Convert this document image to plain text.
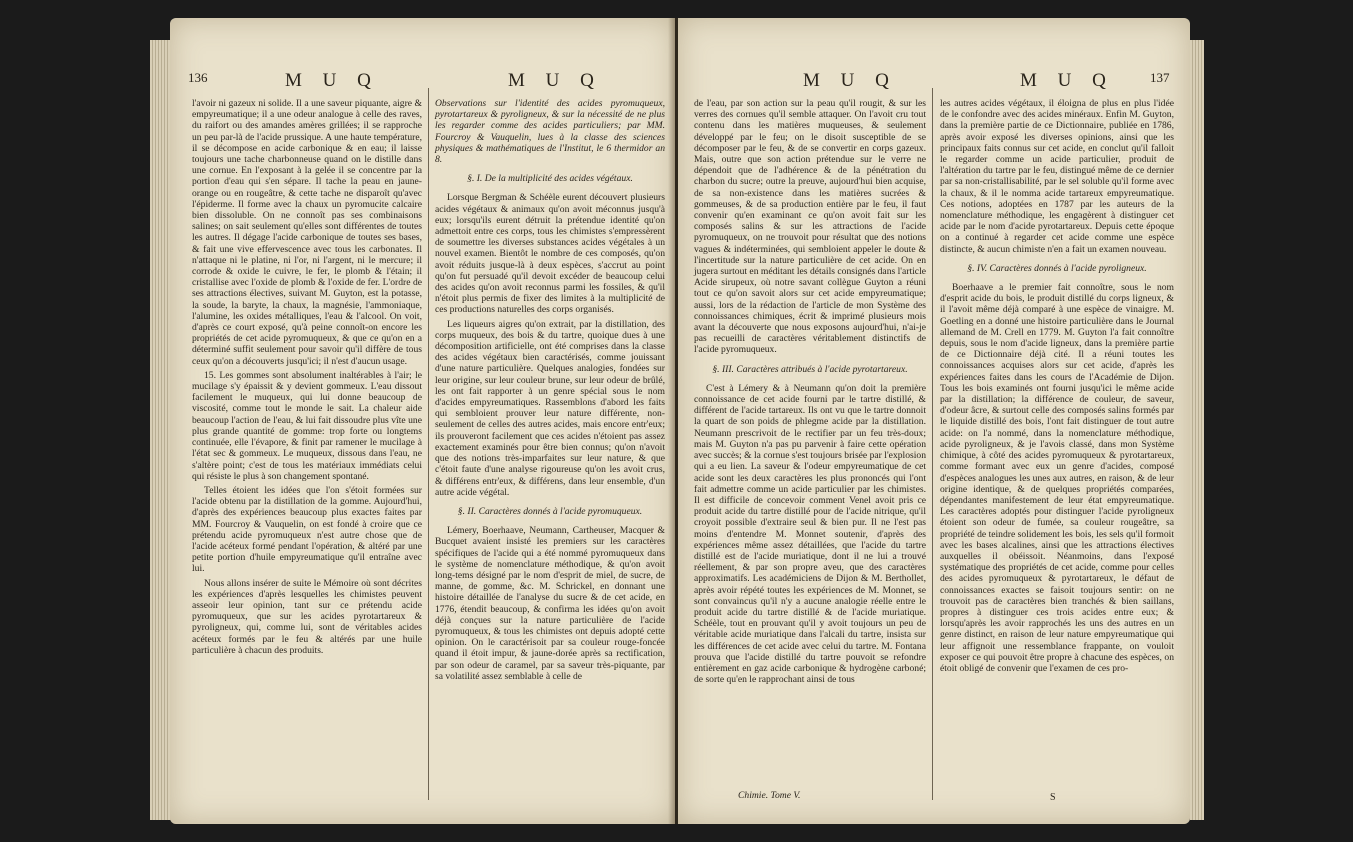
136	M U Q	M U Q

l'avoir ni gazeux ni solide. Il a une saveur piquante, aigre & empyreumatique; il a une odeur analogue à celle des raves, du raifort ou des amandes amères grillées; il se rapproche un peu par-là de l'acide prussique. A une haute température, il se décompose en acide carbonique & en eau; il laisse toujours une tache charbonneuse quand on le distille dans une cornue. En l'exposant à la gelée il se concentre par la portion d'eau qui s'en sépare. Il tache la peau en jaune-orange ou en rougeâtre, & cette tache ne disparoît qu'avec l'épiderme. Il forme avec la chaux un pyromucite calcaire bien dissoluble. On ne connoît pas ses combinaisons salines; on sait seulement qu'elles sont différentes de toutes les autres. Il dégage l'acide carbonique de toutes ses bases, & fait une vive effervescence avec tous les carbonates. Il n'attaque ni le platine, ni l'or, ni l'argent, ni le mercure; il corrode & oxide le cuivre, le fer, le plomb & l'étain; il cristallise avec l'oxide de plomb & l'oxide de fer. L'ordre de ses attractions électives, suivant M. Guyton, est la potasse, la soude, la baryte, la chaux, la magnésie, l'ammoniaque, l'alumine, les oxides métalliques, l'eau & l'alcool. On voit, d'après ce court exposé, qu'à peine connoît-on encore les propriétés de cet acide pyromuqueux, & que ce qu'on en a déterminé suffit seulement pour savoir qu'il diffère de tous ceux qu'on a découverts jusqu'ici; il n'est d'aucun usage.

15. Les gommes sont absolument inaltérables à l'air; le mucilage s'y épaissit & y devient gommeux. L'eau dissout facilement le muqueux, qui lui donne beaucoup de viscosité, comme tout le monde le sait. La chaleur aide beaucoup l'action de l'eau, & lui fait dissoudre plus vîte une plus grande quantité de gomme: trop forte ou longtems continuée, elle l'évapore, & finit par ramener le mucilage à l'état sec & gommeux. Le muqueux, dissous dans l'eau, ne s'altère point; c'est de tous les matériaux immédiats celui qui résiste le plus à son changement spontané.

Telles étoient les idées que l'on s'étoit formées sur l'acide obtenu par la distillation de la gomme. Aujourd'hui, d'après des expériences beaucoup plus exactes faites par MM. Fourcroy & Vauquelin, on est fondé à croire que ce prétendu acide pyromuqueux n'est autre chose que de l'acide acéteux formé pendant l'opération, & altéré par une petite portion d'huile empyreumatique qu'il entraîne avec lui.

Nous allons insérer de suite le Mémoire où sont décrites les expériences d'après lesquelles les chimistes peuvent asseoir leur opinion, tant sur ce prétendu acide pyromuqueux, que sur les acides pyrotartareux & pyroligneux, qui, comme lui, sont de véritables acides acéteux formés par le feu & altérés par une huile particulière à chacun des produits.

Observations sur l'identité des acides pyromuqueux, pyrotartareux & pyroligneux, & sur la nécessité de ne plus les regarder comme des acides particuliers; par MM. Fourcroy & Vauquelin, lues à la classe des sciences physiques & mathématiques de l'Institut, le 6 thermidor an 8.

§. I. De la multiplicité des acides végétaux.

Lorsque Bergman & Schéèle eurent découvert plusieurs acides végétaux & animaux qu'on avoit méconnus jusqu'à eux; lorsqu'ils eurent détruit la prétendue identité qu'on admettoit entre ces corps, tous les chimistes s'empressèrent de soumettre les diverses substances acides végétales à un nouvel examen. Bientôt le nombre de ces composés, qu'on avoit réduits jusque-là à deux espèces, s'accrut au point qu'on fut persuadé qu'il devoit excéder de beaucoup celui des acides qu'on avoit reconnus parmi les fossiles, & qu'il n'étoit plus permis de fixer des limites à la multiplicité de ces productions naturelles des corps organisés.

Les liqueurs aigres qu'on extrait, par la distillation, des corps muqueux, des bois & du tartre, quoique dues à une décomposition artificielle, ont été comprises dans la classe des acides végétaux bien caractérisés, comme jouissant d'une nature particulière. Quelques analogies, fondées sur leur origine, sur leur couleur brune, sur leur odeur de brûlé, les ont fait rapporter à un genre spécial sous le nom d'acides empyreumatiques. Rassemblons d'abord les faits qui sembloient prouver leur nature différente, non-seulement de celles des autres acides, mais encore entr'eux; ils prouveront facilement que ces acides n'étoient pas assez exactement examinés pour être bien connus; qu'on n'avoit que des notions très-imparfaites sur leur nature, & que c'étoit faute d'une analyse rigoureuse qu'on les avoit crus, & différens entr'eux, & différens, dans leur ensemble, d'un autre acide végétal.

§. II. Caractères donnés à l'acide pyromuqueux.

Lémery, Boerhaave, Neumann, Cartheuser, Macquer & Bucquet avaient insisté les premiers sur les caractères spécifiques de l'acide qui a été nommé pyromuqueux dans le système de nomenclature méthodique, & qu'on avoit long-tems désigné par le nom d'esprit de miel, de sucre, de manne, de gomme, &c. M. Schrickel, en donnant une histoire détaillée de l'analyse du sucre & de cet acide, en 1776, étendit beaucoup, & confirma les idées qu'on avoit déjà conçues sur la nature particulière de l'acide pyromuqueux, & tous les chimistes ont depuis adopté cette opinion. On le caractérisoit par sa couleur rouge-foncée quand il étoit impur, & jaune-dorée après sa rectification, par son odeur de caramel, par sa saveur très-piquante, par sa volatilité assez semblable à celle de

M U Q	M U Q	137

de l'eau, par son action sur la peau qu'il rougit, & sur les verres des cornues qu'il semble attaquer. On l'avoit cru tout contenu dans les matières muqueuses, & seulement développé par le feu; on le disoit susceptible de se décomposer par le feu, & de se convertir en corps gazeux. Mais, outre que son action prétendue sur le verre ne dépendoit que de l'adhérence & de la pénétration du charbon du sucre; outre la preuve, aujourd'hui bien acquise, de sa non-existence dans les matières sucrées & gommeuses, & de sa production entière par le feu, il faut convenir qu'en examinant ce qu'on avoit fait sur les composés salins & sur les attractions de l'acide pyromuqueux, on ne trouvoit pour résultat que des notions vagues & indéterminées, qui sembloient appeler le doute & l'incertitude sur la nature particulière de cet acide. On en jugera surtout en méditant les détails consignés dans l'article Acide sirupeux, où notre savant collègue Guyton a réuni tout ce qu'on savoit alors sur cet acide empyreumatique; aussi, lors de la rédaction de l'article de mon Système des connoissances chimiques, écrit & imprimé plusieurs mois avant la découverte que nous exposons aujourd'hui, n'ai-je pas recueilli de caractères véritablement distinctifs de l'acide pyromuqueux.

§. III. Caractères attribués à l'acide pyrotartareux.

C'est à Lémery & à Neumann qu'on doit la première connoissance de cet acide fourni par le tartre distillé, & différent de l'acide tartareux. Ils ont vu que le tartre donnoit la quart de son poids de phlegme acide par la distillation. Neumann prescrivoit de le rectifier par un feu très-doux; mais M. Guyton n'a pas pu parvenir à faire cette opération avec succès; & la cornue s'est toujours brisée par l'explosion qui a eu lien. La saveur & l'odeur empyreumatique de cet acide sont les deux caractères les plus prononcés qui l'ont fait admettre comme un acide particulier par les chimistes. Il est difficile de concevoir comment Venel avoit pris ce produit acide du tartre distillé pour de l'acide nitrique, qu'il croyoit possible d'extraire seul & bien pur. Il ne l'est pas moins d'entendre M. Monnet soutenir, d'après des expériences même assez détaillées, que l'acide du tartre distillé est de l'acide muriatique, dont il ne lui a trouvé réellement, & par son propre aveu, que des caractères approximatifs. Les académiciens de Dijon & M. Berthollet, après avoir répété toutes les expériences de M. Monnet, se sont convaincus qu'il n'y a aucune analogie réelle entre le produit acide du tartre distillé & de l'acide muriatique. Schéèle, tout en prouvant qu'il y avoit toujours un peu de véritable acide muriatique dans l'alcali du tartre, insista sur les différences de cet acide avec celui du tartre. M. Fontana prouva que l'acide distillé du tartre pouvoit se refondre entièrement en gaz acide carbonique & hydrogène carboné; de sorte qu'en le rapprochant ainsi de tous

les autres acides végétaux, il éloigna de plus en plus l'idée de le confondre avec des acides minéraux. Enfin M. Guyton, dans la première partie de ce Dictionnaire, publiée en 1786, après avoir exposé les diverses opinions, ainsi que les principaux faits connus sur cet acide, en conclut qu'il falloit le regarder comme un acide particulier, produit de l'altération du tartre par le feu, distingué même de ce dernier par sa non-cristallisabilité, par le sel soluble qu'il forme avec la chaux, & il le nomma acide tartareux empyreumatique. Ces notions, adoptées en 1787 par les auteurs de la nomenclature méthodique, les engagèrent à distinguer cet acide par le nom d'acide pyrotartareux. Depuis cette époque on a continué à regarder cet acide comme une espèce distincte, & aucun chimiste n'en a fait un examen nouveau.

§. IV. Caractères donnés à l'acide pyroligneux.

Boerhaave a le premier fait connoître, sous le nom d'esprit acide du bois, le produit distillé du corps ligneux, & il l'avoit même déjà comparé à une espèce de vinaigre. M. Goetling en a donné une histoire particulière dans le Journal allemand de M. Crell en 1779. M. Guyton l'a fait connoître depuis, sous le nom d'acide ligneux, dans la première partie de ce Dictionnaire déjà cité. Il a réuni toutes les connoissances acquises alors sur cet acide, d'après les expériences faites dans les cours de l'Académie de Dijon. Tous les bois examinés ont fourni jusqu'ici le même acide par la distillation; la différence de couleur, de saveur, d'odeur âcre, & surtout celle des composés salins formés par le liquide distillé des bois, l'ont fait distinguer de tout autre acide: on l'a nommé, dans la nomenclature méthodique, acide pyroligneux, & je l'avois classé, dans mon Système chimique, à côté des acides pyromuqueux & pyrotartareux, comme formant avec eux un genre d'acides, composé d'espèces analogues les unes aux autres, en raison, & de leur origine identique, & de quelques propriétés comparées, dépendantes manifestement de leur état empyreumatique. Les caractères adoptés pour distinguer l'acide pyroligneux étoient son odeur de fumée, sa couleur rougeâtre, sa propriété de teindre solidement les bois, les sels qu'il formoit avec les bases alcalines, ainsi que les attractions électives auxquelles il obéissoit. Néanmoins, dans l'exposé systématique des propriétés de cet acide, comme pour celles des acides pyromuqueux & pyrotartareux, le défaut de connoissances exactes se faisoit toujours sentir: on ne trouvoit pas de caractères bien tranchés & bien saillans, propres à distinguer ces trois acides entre eux; & lorsqu'après les avoir rapprochés les uns des autres en un genre distinct, en raison de leur nature empyreumatique qui leur affignoit une ressemblance frappante, on vouloit exposer ce qui pouvoit être propre à chacune des espèces, on étoit obligé de convenir que l'examen de ces pro-

Chimie. Tome V.	S
